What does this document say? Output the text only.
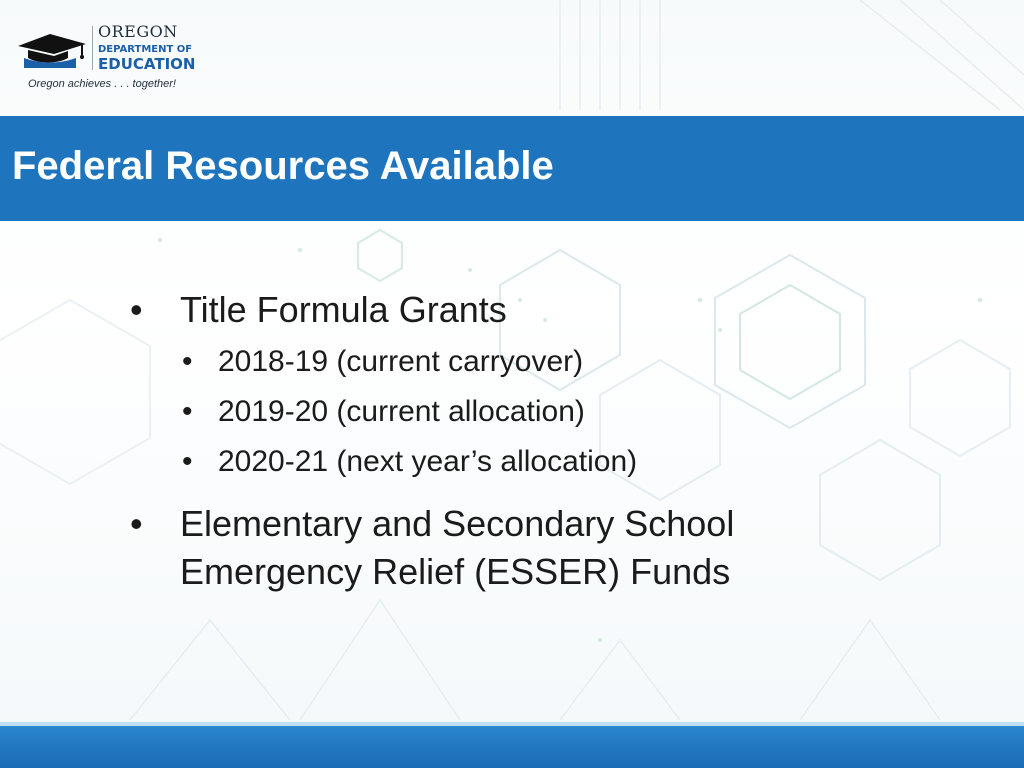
OREGON
DEPARTMENT OF
EDUCATION
Oregon achieves . . . together!
Federal Resources Available
• Title Formula Grants
• 2018-19 (current carryover)
• 2019-20 (current allocation)
• 2020-21 (next year’s allocation)
• Elementary and Secondary School
Emergency Relief (ESSER) Funds
